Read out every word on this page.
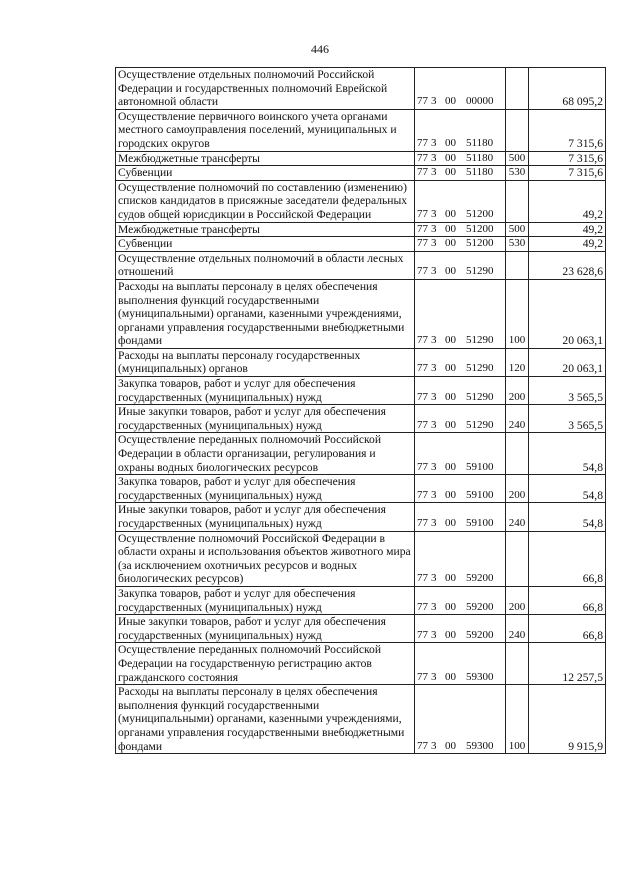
446
Осуществление отдельных полномочий Российской Федерации и государственных полномочий Еврейской автономной области	77 3 00 00000		68 095,2
Осуществление первичного воинского учета органами местного самоуправления поселений, муниципальных и городских округов	77 3 00 51180		7 315,6
Межбюджетные трансферты	77 3 00 51180	500	7 315,6
Субвенции	77 3 00 51180	530	7 315,6
Осуществление полномочий по составлению (изменению) списков кандидатов в присяжные заседатели федеральных судов общей юрисдикции в Российской Федерации	77 3 00 51200		49,2
Межбюджетные трансферты	77 3 00 51200	500	49,2
Субвенции	77 3 00 51200	530	49,2
Осуществление отдельных полномочий в области лесных отношений	77 3 00 51290		23 628,6
Расходы на выплаты персоналу в целях обеспечения выполнения функций государственными (муниципальными) органами, казенными учреждениями, органами управления государственными внебюджетными фондами	77 3 00 51290	100	20 063,1
Расходы на выплаты персоналу государственных (муниципальных) органов	77 3 00 51290	120	20 063,1
Закупка товаров, работ и услуг для обеспечения государственных (муниципальных) нужд	77 3 00 51290	200	3 565,5
Иные закупки товаров, работ и услуг для обеспечения государственных (муниципальных) нужд	77 3 00 51290	240	3 565,5
Осуществление переданных полномочий Российской Федерации в области организации, регулирования и охраны водных биологических ресурсов	77 3 00 59100		54,8
Закупка товаров, работ и услуг для обеспечения государственных (муниципальных) нужд	77 3 00 59100	200	54,8
Иные закупки товаров, работ и услуг для обеспечения государственных (муниципальных) нужд	77 3 00 59100	240	54,8
Осуществление полномочий Российской Федерации в области охраны и использования объектов животного мира (за исключением охотничьих ресурсов и водных биологических ресурсов)	77 3 00 59200		66,8
Закупка товаров, работ и услуг для обеспечения государственных (муниципальных) нужд	77 3 00 59200	200	66,8
Иные закупки товаров, работ и услуг для обеспечения государственных (муниципальных) нужд	77 3 00 59200	240	66,8
Осуществление переданных полномочий Российской Федерации на государственную регистрацию актов гражданского состояния	77 3 00 59300		12 257,5
Расходы на выплаты персоналу в целях обеспечения выполнения функций государственными (муниципальными) органами, казенными учреждениями, органами управления государственными внебюджетными фондами	77 3 00 59300	100	9 915,9
